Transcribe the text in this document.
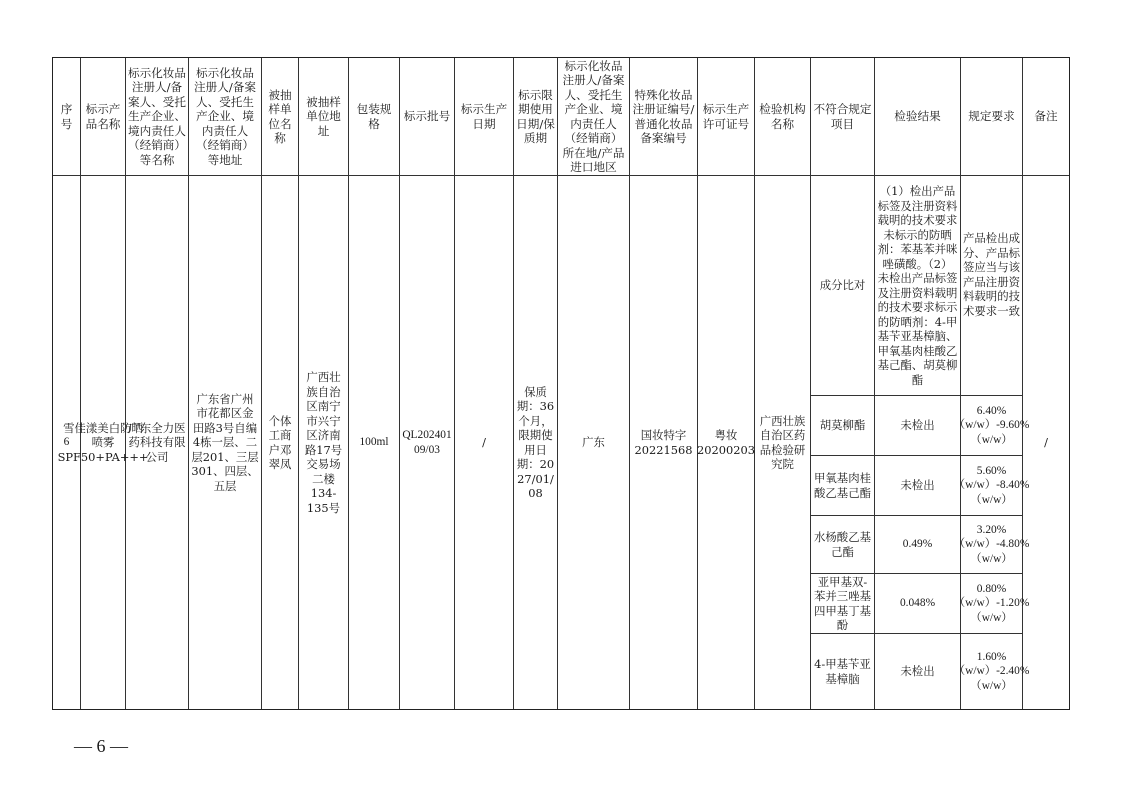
序号
标示产品名称
标示化妆品注册人/备案人、受托生产企业、境内责任人（经销商）等名称
标示化妆品注册人/备案人、受托生产企业、境内责任人（经销商）等地址
被抽样单位名称
被抽样单位地址
包装规格
标示批号
标示生产日期
标示限期使用日期/保质期
标示化妆品注册人/备案人、受托生产企业、境内责任人（经销商）所在地/产品进口地区
特殊化妆品注册证编号/普通化妆品备案编号
标示生产许可证号
检验机构名称
不符合规定项目
检验结果 规定要求 备注
6
雪佳漾美白防晒喷雾SPF50+PA+++
广东全力医药科技有限公司
广东省广州市花都区金田路3号自编4栋一层、二层201、三层301、四层、五层
个体工商户邓翠凤
广西壮族自治区南宁市兴宁区济南路17号交易场二楼134-135号
100ml
QL20240109/03
/
保质期：36个月，限期使用日期：2027/01/08
广东
国妆特字20221568
粤妆20200203
广西壮族自治区药品检验研究院
成分比对
（1）检出产品标签及注册资料载明的技术要求未标示的防晒剂：苯基苯并咪唑磺酸。（2）未检出产品标签及注册资料载明的技术要求标示的防晒剂：4-甲基苄亚基樟脑、甲氧基肉桂酸乙基己酯、胡莫柳酯
产品检出成分、产品标签应当与该产品注册资料载明的技术要求一致
胡莫柳酯	未检出
6.40%（w/w）-9.60%（w/w）
甲氧基肉桂酸乙基己酯
未检出
5.60%（w/w）-8.40%（w/w）
水杨酸乙基己酯
0.49%
3.20%（w/w）-4.80%（w/w）
亚甲基双-苯并三唑基四甲基丁基酚
0.048%
0.80%（w/w）-1.20%（w/w）
4-甲基苄亚基樟脑
未检出
1.60%（w/w）-2.40%（w/w）
/
— 6 —
